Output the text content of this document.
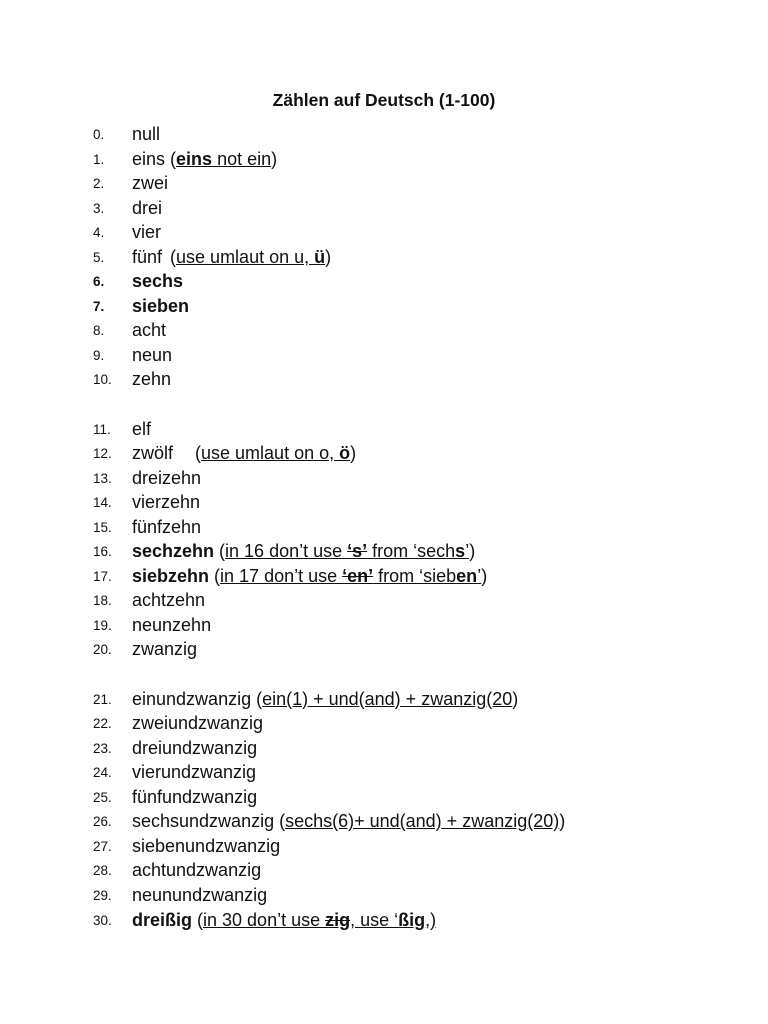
Zählen auf Deutsch (1-100)
0. null
1. eins (eins not ein)
2. zwei
3. drei
4. vier
5. fünf (use umlaut on u, ü)
6. sechs
7. sieben
8. acht
9. neun
10. zehn
11. elf
12. zwölf (use umlaut on o, ö)
13. dreizehn
14. vierzehn
15. fünfzehn
16. sechzehn (in 16 don’t use ‘s’ from ‘sechs’)
17. siebzehn (in 17 don’t use ‘en’ from ‘sieben’)
18. achtzehn
19. neunzehn
20. zwanzig
21. einundzwanzig (ein(1) + und(and) + zwanzig(20)
22. zweiundzwanzig
23. dreiundzwanzig
24. vierundzwanzig
25. fünfundzwanzig
26. sechsundzwanzig (sechs(6)+ und(and) + zwanzig(20))
27. siebenundzwanzig
28. achtundzwanzig
29. neunundzwanzig
30. dreißig (in 30 don’t use zig, use ‘ßig,)
